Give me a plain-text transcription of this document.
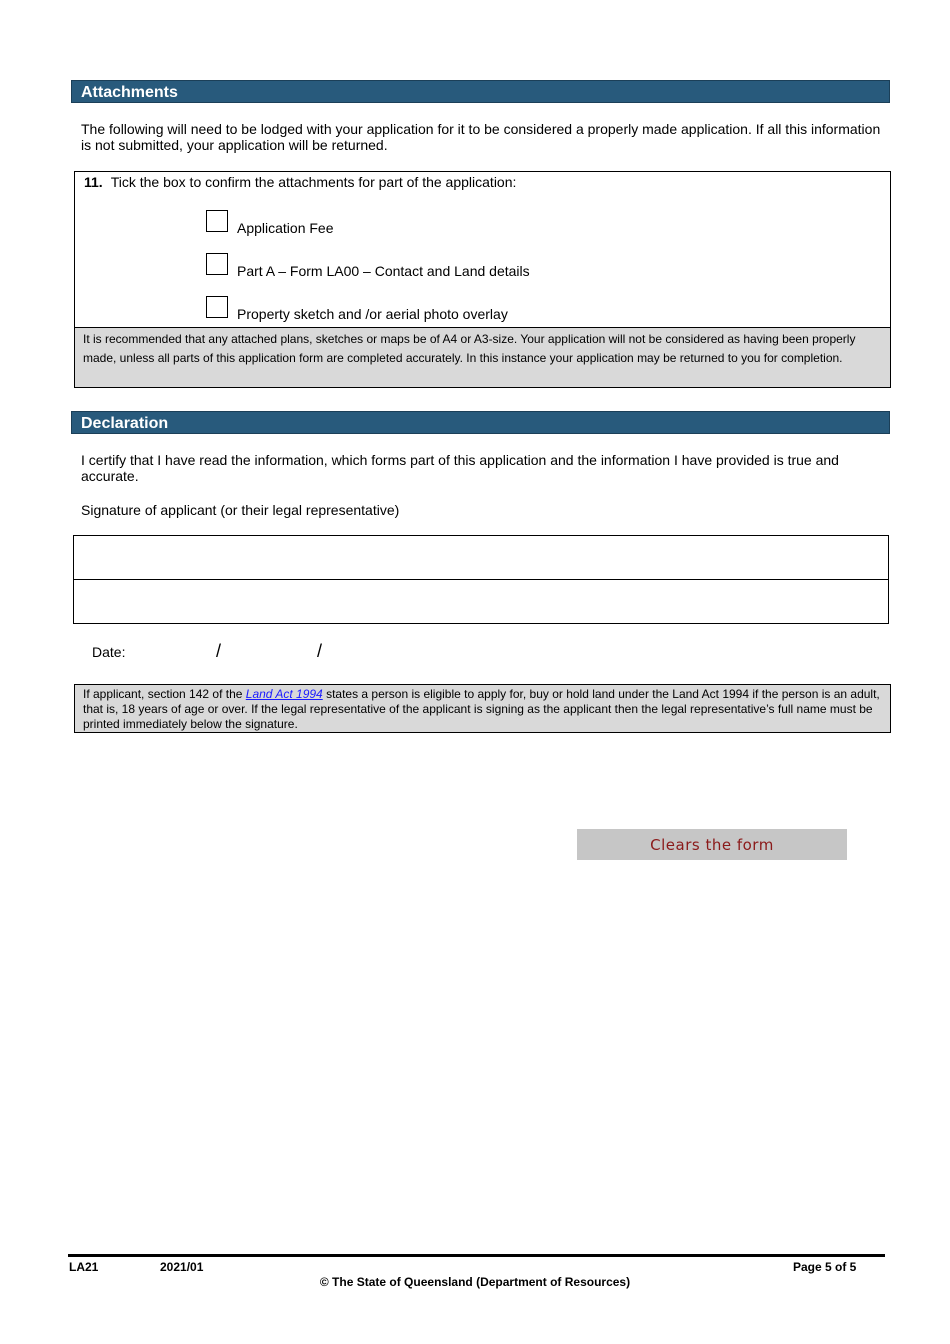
Attachments
The following will need to be lodged with your application for it to be considered a properly made application. If all this information is not submitted, your application will be returned.
11. Tick the box to confirm the attachments for part of the application:
Application Fee
Part A – Form LA00 – Contact and Land details
Property sketch and /or aerial photo overlay
It is recommended that any attached plans, sketches or maps be of A4 or A3-size. Your application will not be considered as having been properly made, unless all parts of this application form are completed accurately. In this instance your application may be returned to you for completion.
Declaration
I certify that I have read the information, which forms part of this application and the information I have provided is true and accurate.
Signature of applicant (or their legal representative)
Date:	/	/
If applicant, section 142 of the Land Act 1994 states a person is eligible to apply for, buy or hold land under the Land Act 1994 if the person is an adult, that is, 18 years of age or over. If the legal representative of the applicant is signing as the applicant then the legal representative’s full name must be printed immediately below the signature.
Clears the form
LA21	2021/01	Page 5 of 5
© The State of Queensland (Department of Resources)
